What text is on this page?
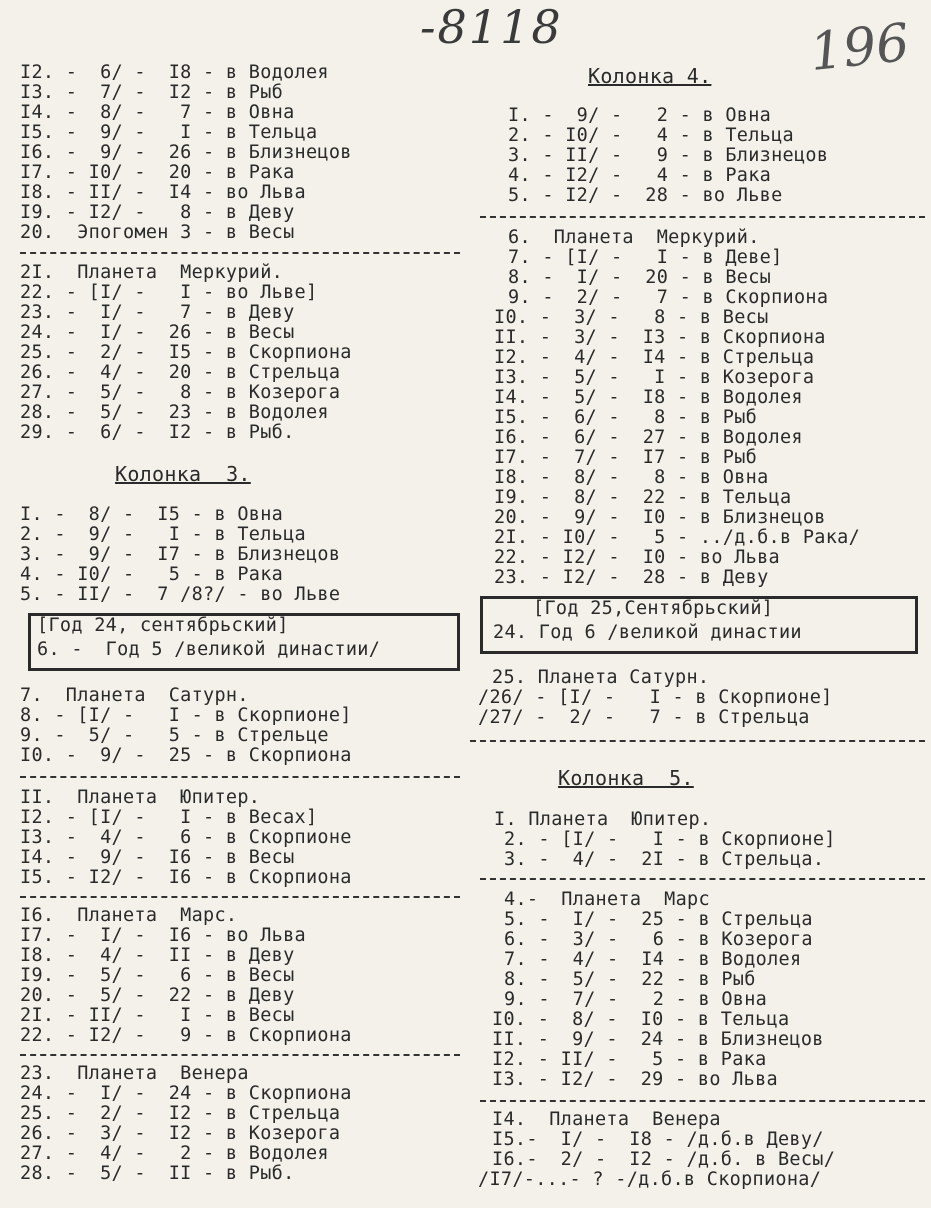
-8118	196
I2. -  6/ -  I8 - в Водолея
I3. -  7/ -  I2 - в Рыб
I4. -  8/ -   7 - в Овна
I5. -  9/ -   I - в Тельца
I6. -  9/ -  26 - в Близнецов
I7. - I0/ -  20 - в Рака
I8. - II/ -  I4 - во Льва
I9. - I2/ -   8 - в Деву
20.  Эпогомен 3 - в Весы
2I.  Планета  Меркурий.
22. - [I/ -   I - во Льве]
23. -  I/ -   7 - в Деву
24. -  I/ -  26 - в Весы
25. -  2/ -  I5 - в Скорпиона
26. -  4/ -  20 - в Стрельца
27. -  5/ -   8 - в Козерога
28. -  5/ -  23 - в Водолея
29. -  6/ -  I2 - в Рыб.
Колонка  3.
I. -  8/ -  I5 - в Овна
2. -  9/ -   I - в Тельца
3. -  9/ -  I7 - в Близнецов
4. - I0/ -   5 - в Рака
5. - II/ -  7 /8?/ - во Льве
[Год 24, сентябрьский]
6. -  Год 5 /великой династии/
7.  Планета  Сатурн.
8. - [I/ -   I - в Скорпионе]
9. -  5/ -   5 - в Стрельце
I0. -  9/ -  25 - в Скорпиона
II.  Планета  Юпитер.
I2. - [I/ -   I - в Весах]
I3. -  4/ -   6 - в Скорпионе
I4. -  9/ -  I6 - в Весы
I5. - I2/ -  I6 - в Скорпиона
I6.  Планета  Марс.
I7. -  I/ -  I6 - во Льва
I8. -  4/ -  II - в Деву
I9. -  5/ -   6 - в Весы
20. -  5/ -  22 - в Деву
2I. - II/ -   I - в Весы
22. - I2/ -   9 - в Скорпиона
23.  Планета  Венера
24. -  I/ -  24 - в Скорпиона
25. -  2/ -  I2 - в Стрельца
26. -  3/ -  I2 - в Козерога
27. -  4/ -   2 - в Водолея
28. -  5/ -  II - в Рыб.
Колонка 4.
I. -  9/ -   2 - в Овна
2. - I0/ -   4 - в Тельца
3. - II/ -   9 - в Близнецов
4. - I2/ -   4 - в Рака
5. - I2/ -  28 - во Льве
6.  Планета  Меркурий.
7. - [I/ -   I - в Деве]
8. -  I/ -  20 - в Весы
9. -  2/ -   7 - в Скорпиона
I0. -  3/ -   8 - в Весы
II. -  3/ -  I3 - в Скорпиона
I2. -  4/ -  I4 - в Стрельца
I3. -  5/ -   I - в Козерога
I4. -  5/ -  I8 - в Водолея
I5. -  6/ -   8 - в Рыб
I6. -  6/ -  27 - в Водолея
I7. -  7/ -  I7 - в Рыб
I8. -  8/ -   8 - в Овна
I9. -  8/ -  22 - в Тельца
20. -  9/ -  I0 - в Близнецов
2I. - I0/ -   5 - ../д.б.в Рака/
22. - I2/ -  I0 - во Льва
23. - I2/ -  28 - в Деву
[Год 25,Сентябрьский]
24. Год 6 /великой династии
25. Планета Сатурн.
/26/ - [I/ -   I - в Скорпионе]
/27/ -  2/ -   7 - в Стрельца
Колонка  5.
I. Планета  Юпитер.
2. - [I/ -   I - в Скорпионе]
3. -  4/ -  2I - в Стрельца.
4.-  Планета  Марс
5. -  I/ -  25 - в Стрельца
6. -  3/ -   6 - в Козерога
7. -  4/ -  I4 - в Водолея
8. -  5/ -  22 - в Рыб
9. -  7/ -   2 - в Овна
I0. -  8/ -  I0 - в Тельца
II. -  9/ -  24 - в Близнецов
I2. - II/ -   5 - в Рака
I3. - I2/ -  29 - во Льва
I4.  Планета  Венера
I5.-  I/ -  I8 - /д.б.в Деву/
I6.-  2/ -  I2 - /д.б. в Весы/
/I7/-...- ? -/д.б.в Скорпиона/
